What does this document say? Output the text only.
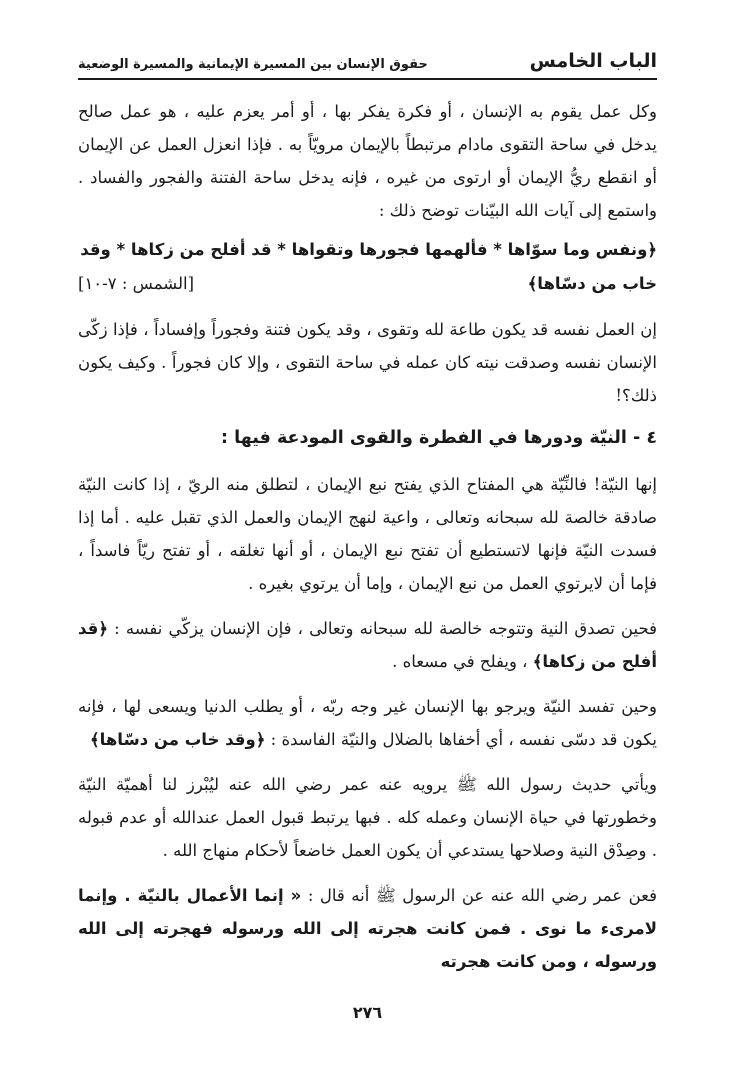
الباب الخامس
حقوق الإنسان بين المسيرة الإيمانية والمسيرة الوضعية

وكل عمل يقوم به الإنسان ، أو فكرة يفكر بها ، أو أمر يعزم عليه ، هو عمل صالح يدخل في ساحة التقوى مادام مرتبطاً بالإيمان مرويّاً به . فإذا انعزل العمل عن الإيمان أو انقطع ريُّ الإيمان أو ارتوى من غيره ، فإنه يدخل ساحة الفتنة والفجور والفساد . واستمع إلى آيات الله البيّنات توضح ذلك :

﴿ونفس وما سوّاها * فألهمها فجورها وتقواها * قد أفلح من زكاها * وقد خاب من دسّاها﴾
[الشمس : ٧-١٠]

إن العمل نفسه قد يكون طاعة لله وتقوى ، وقد يكون فتنة وفجوراً وإفساداً ، فإذا زكّى الإنسان نفسه وصدقت نيته كان عمله في ساحة التقوى ، وإلا كان فجوراً . وكيف يكون ذلك؟!

٤ - النيّة ودورها في الفطرة والقوى المودعة فيها :

إنها النيّة! فالنِّيّة هي المفتاح الذي يفتح نبع الإيمان ، لتطلق منه الريّ ، إذا كانت النيّة صادقة خالصة لله سبحانه وتعالى ، واعية لنهج الإيمان والعمل الذي تقبل عليه . أما إذا فسدت النيّة فإنها لاتستطيع أن تفتح نبع الإيمان ، أو أنها تغلقه ، أو تفتح ريّاً فاسداً ، فإما أن لايرتوي العمل من نبع الإيمان ، وإما أن يرتوي بغيره .

فحين تصدق النية وتتوجه خالصة لله سبحانه وتعالى ، فإن الإنسان يزكّي نفسه : ﴿قد أفلح من زكاها﴾ ، ويفلح في مسعاه .

وحين تفسد النيّة ويرجو بها الإنسان غير وجه ربّه ، أو يطلب الدنيا ويسعى لها ، فإنه يكون قد دسّى نفسه ، أي أخفاها بالضلال والنيّة الفاسدة : ﴿وقد خاب من دسّاها﴾

ويأتي حديث رسول الله ﷺ يرويه عنه عمر رضي الله عنه ليُبْرز لنا أهميّة النيّة وخطورتها في حياة الإنسان وعمله كله . فبها يرتبط قبول العمل عندالله أو عدم قبوله . وصِدْق النية وصلاحها يستدعي أن يكون العمل خاضعاً لأحكام منهاج الله .

فعن عمر رضي الله عنه عن الرسول ﷺ أنه قال : « إنما الأعمال بالنيّة . وإنما لامرىء ما نوى . فمن كانت هجرته إلى الله ورسوله فهجرته إلى الله ورسوله ، ومن كانت هجرته

٢٧٦
